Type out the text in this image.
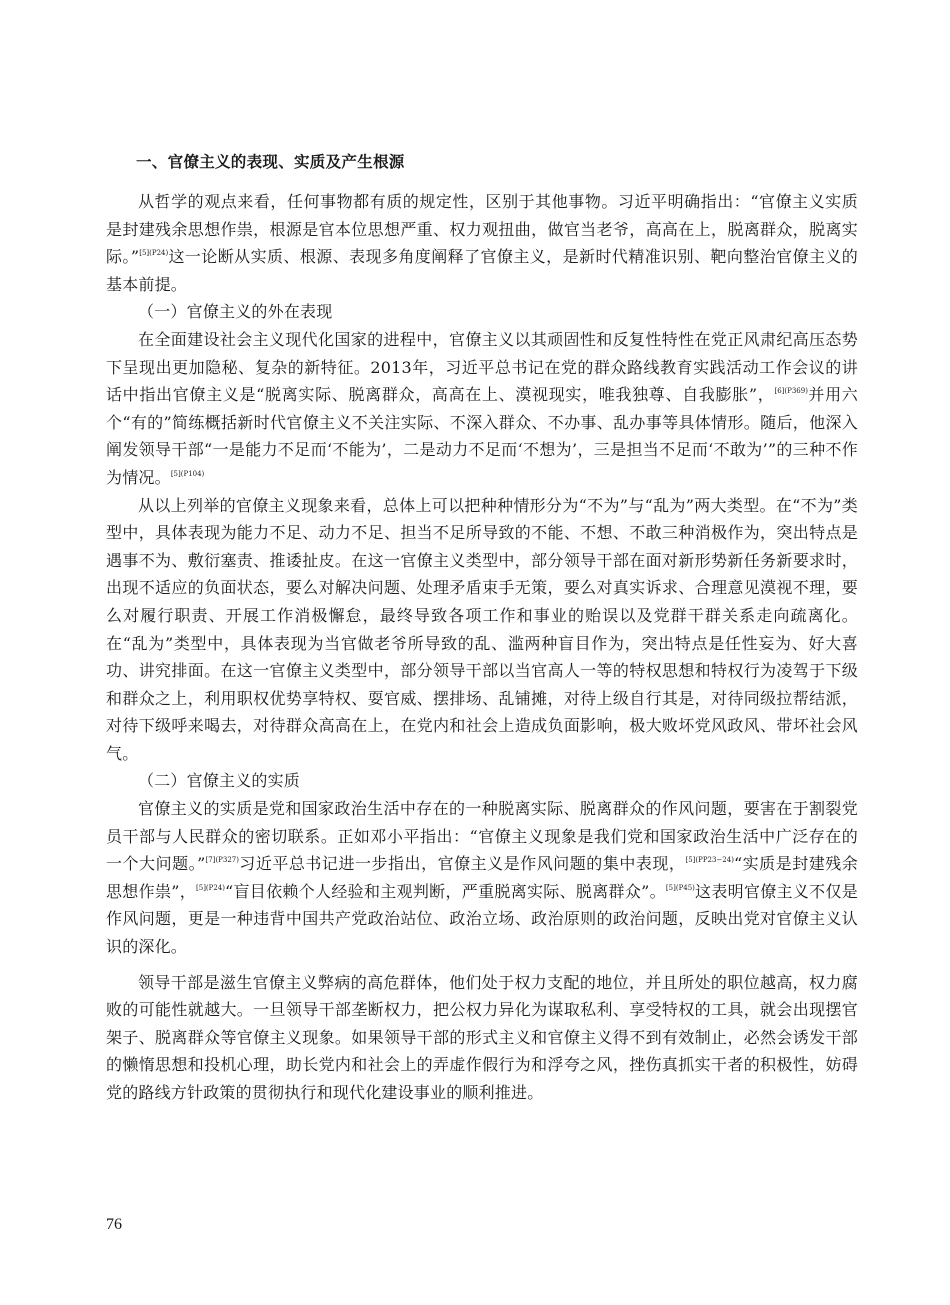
一、官僚主义的表现、实质及产生根源

从哲学的观点来看，任何事物都有质的规定性，区别于其他事物。习近平明确指出：“官僚主义实质是封建残余思想作祟，根源是官本位思想严重、权力观扭曲，做官当老爷，高高在上，脱离群众，脱离实际。”$^{[5](P24)}$这一论断从实质、根源、表现多角度阐释了官僚主义，是新时代精准识别、靶向整治官僚主义的基本前提。

（一）官僚主义的外在表现

在全面建设社会主义现代化国家的进程中，官僚主义以其顽固性和反复性特性在党正风肃纪高压态势下呈现出更加隐秘、复杂的新特征。2013年，习近平总书记在党的群众路线教育实践活动工作会议的讲话中指出官僚主义是“脱离实际、脱离群众，高高在上、漠视现实，唯我独尊、自我膨胀”，$^{[6](P369)}$并用六个“有的”简练概括新时代官僚主义不关注实际、不深入群众、不办事、乱办事等具体情形。随后，他深入阐发领导干部“一是能力不足而‘不能为’，二是动力不足而‘不想为’，三是担当不足而‘不敢为’”的三种不作为情况。$^{[5](P104)}$

从以上列举的官僚主义现象来看，总体上可以把种种情形分为“不为”与“乱为”两大类型。在“不为”类型中，具体表现为能力不足、动力不足、担当不足所导致的不能、不想、不敢三种消极作为，突出特点是遇事不为、敷衍塞责、推诿扯皮。在这一官僚主义类型中，部分领导干部在面对新形势新任务新要求时，出现不适应的负面状态，要么对解决问题、处理矛盾束手无策，要么对真实诉求、合理意见漠视不理，要么对履行职责、开展工作消极懈怠，最终导致各项工作和事业的贻误以及党群干群关系走向疏离化。在“乱为”类型中，具体表现为当官做老爷所导致的乱、滥两种盲目作为，突出特点是任性妄为、好大喜功、讲究排面。在这一官僚主义类型中，部分领导干部以当官高人一等的特权思想和特权行为凌驾于下级和群众之上，利用职权优势享特权、耍官威、摆排场、乱铺摊，对待上级自行其是，对待同级拉帮结派，对待下级呼来喝去，对待群众高高在上，在党内和社会上造成负面影响，极大败坏党风政风、带坏社会风气。

（二）官僚主义的实质

官僚主义的实质是党和国家政治生活中存在的一种脱离实际、脱离群众的作风问题，要害在于割裂党员干部与人民群众的密切联系。正如邓小平指出：“官僚主义现象是我们党和国家政治生活中广泛存在的一个大问题。”$^{[7](P327)}$习近平总书记进一步指出，官僚主义是作风问题的集中表现，$^{[5](PP23-24)}$“实质是封建残余思想作祟”，$^{[5](P24)}$“盲目依赖个人经验和主观判断，严重脱离实际、脱离群众”。$^{[5](P45)}$这表明官僚主义不仅是作风问题，更是一种违背中国共产党政治站位、政治立场、政治原则的政治问题，反映出党对官僚主义认识的深化。

领导干部是滋生官僚主义弊病的高危群体，他们处于权力支配的地位，并且所处的职位越高，权力腐败的可能性就越大。一旦领导干部垄断权力，把公权力异化为谋取私利、享受特权的工具，就会出现摆官架子、脱离群众等官僚主义现象。如果领导干部的形式主义和官僚主义得不到有效制止，必然会诱发干部的懒惰思想和投机心理，助长党内和社会上的弄虚作假行为和浮夸之风，挫伤真抓实干者的积极性，妨碍党的路线方针政策的贯彻执行和现代化建设事业的顺利推进。

76
